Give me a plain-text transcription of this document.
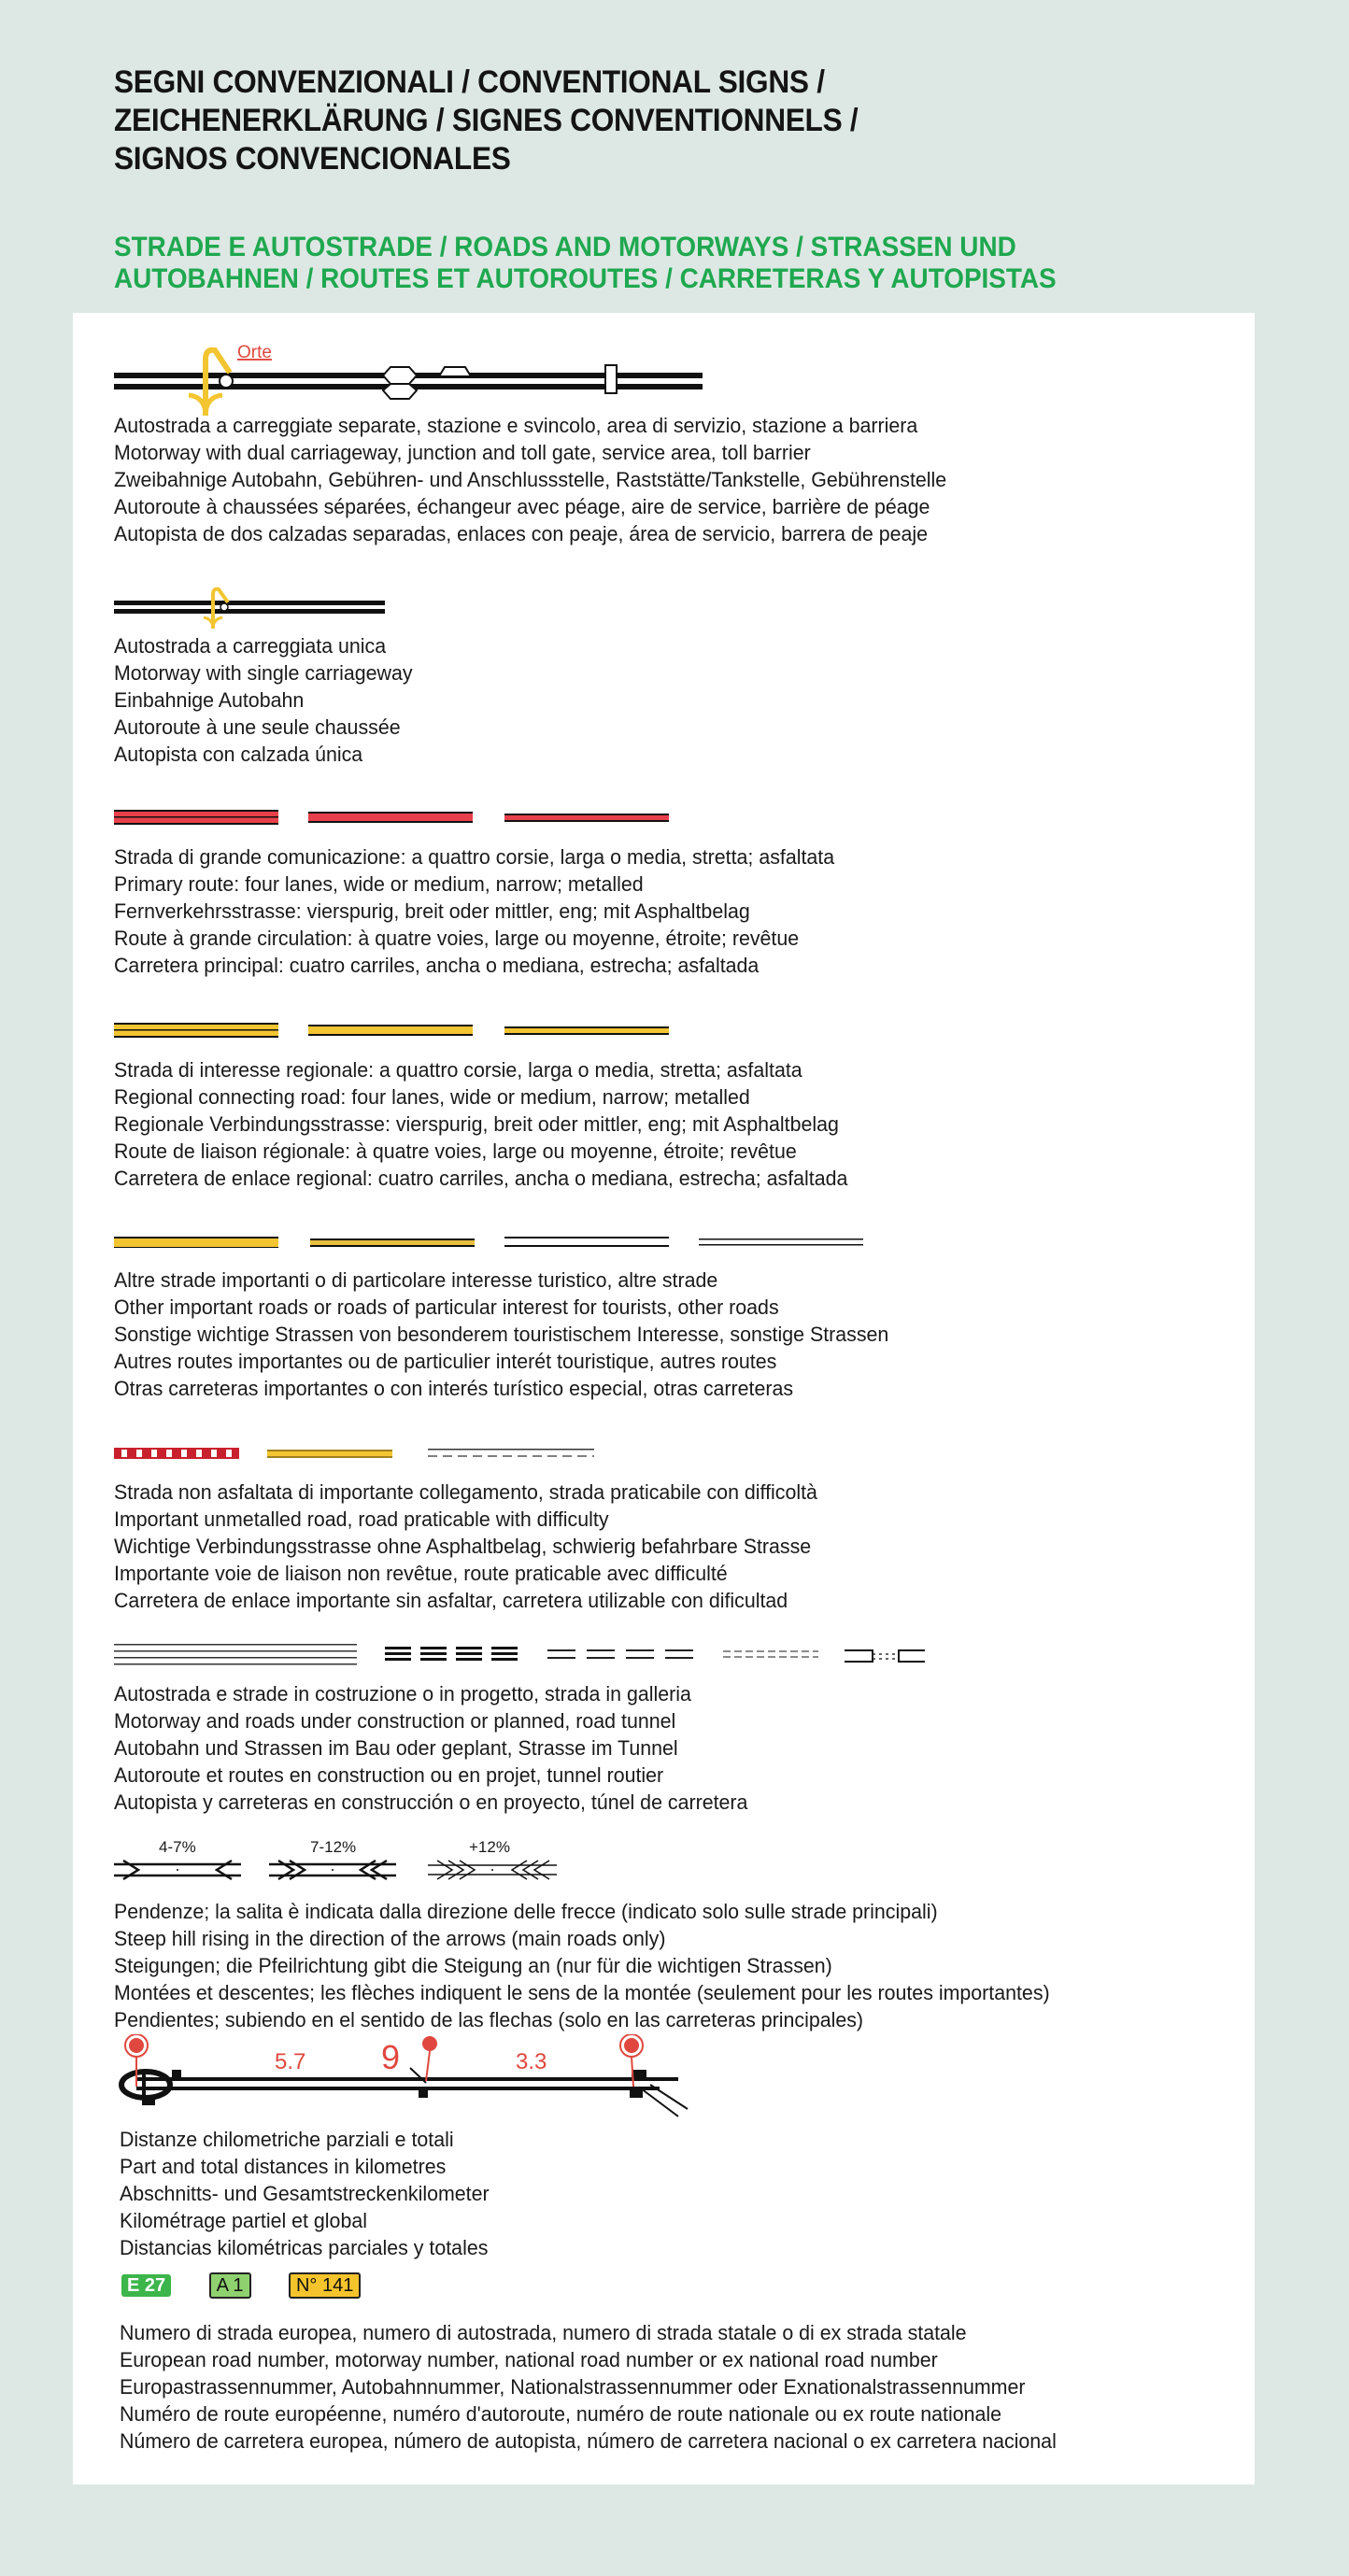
SEGNI CONVENZIONALI / CONVENTIONAL SIGNS /
ZEICHENERKLÄRUNG / SIGNES CONVENTIONNELS /
SIGNOS CONVENCIONALES
STRADE E AUTOSTRADE / ROADS AND MOTORWAYS / STRASSEN UND
AUTOBAHNEN / ROUTES ET AUTOROUTES / CARRETERAS Y AUTOPISTAS
Orte
Autostrada a carreggiate separate, stazione e svincolo, area di servizio, stazione a barriera
Motorway with dual carriageway, junction and toll gate, service area, toll barrier
Zweibahnige Autobahn, Gebühren- und Anschlussstelle, Raststätte/Tankstelle, Gebührenstelle
Autoroute à chaussées séparées, échangeur avec péage, aire de service, barrière de péage
Autopista de dos calzadas separadas, enlaces con peaje, área de servicio, barrera de peaje
Autostrada a carreggiata unica
Motorway with single carriageway
Einbahnige Autobahn
Autoroute à une seule chaussée
Autopista con calzada única
Strada di grande comunicazione: a quattro corsie, larga o media, stretta; asfaltata
Primary route: four lanes, wide or medium, narrow; metalled
Fernverkehrsstrasse: vierspurig, breit oder mittler, eng; mit Asphaltbelag
Route à grande circulation: à quatre voies, large ou moyenne, étroite; revêtue
Carretera principal: cuatro carriles, ancha o mediana, estrecha; asfaltada
Strada di interesse regionale: a quattro corsie, larga o media, stretta; asfaltata
Regional connecting road: four lanes, wide or medium, narrow; metalled
Regionale Verbindungsstrasse: vierspurig, breit oder mittler, eng; mit Asphaltbelag
Route de liaison régionale: à quatre voies, large ou moyenne, étroite; revêtue
Carretera de enlace regional: cuatro carriles, ancha o mediana, estrecha; asfaltada
Altre strade importanti o di particolare interesse turistico, altre strade
Other important roads or roads of particular interest for tourists, other roads
Sonstige wichtige Strassen von besonderem touristischem Interesse, sonstige Strassen
Autres routes importantes ou de particulier interét touristique, autres routes
Otras carreteras importantes o con interés turístico especial, otras carreteras
Strada non asfaltata di importante collegamento, strada praticabile con difficoltà
Important unmetalled road, road praticable with difficulty
Wichtige Verbindungsstrasse ohne Asphaltbelag, schwierig befahrbare Strasse
Importante voie de liaison non revêtue, route praticable avec difficulté
Carretera de enlace importante sin asfaltar, carretera utilizable con dificultad
Autostrada e strade in costruzione o in progetto, strada in galleria
Motorway and roads under construction or planned, road tunnel
Autobahn und Strassen im Bau oder geplant, Strasse im Tunnel
Autoroute et routes en construction ou en projet, tunnel routier
Autopista y carreteras en construcción o en proyecto, túnel de carretera
4-7%	7-12%	+12%
Pendenze; la salita è indicata dalla direzione delle frecce (indicato solo sulle strade principali)
Steep hill rising in the direction of the arrows (main roads only)
Steigungen; die Pfeilrichtung gibt die Steigung an (nur für die wichtigen Strassen)
Montées et descentes; les flèches indiquent le sens de la montée (seulement pour les routes importantes)
Pendientes; subiendo en el sentido de las flechas (solo en las carreteras principales)
5.7 9	3.3
Distanze chilometriche parziali e totali
Part and total distances in kilometres
Abschnitts- und Gesamtstreckenkilometer
Kilométrage partiel et global
Distancias kilométricas parciales y totales
E 27	A 1	N° 141
Numero di strada europea, numero di autostrada, numero di strada statale o di ex strada statale
European road number, motorway number, national road number or ex national road number
Europastrassennummer, Autobahnnummer, Nationalstrassennummer oder Exnationalstrassennummer
Numéro de route européenne, numéro d'autoroute, numéro de route nationale ou ex route nationale
Número de carretera europea, número de autopista, número de carretera nacional o ex carretera nacional
